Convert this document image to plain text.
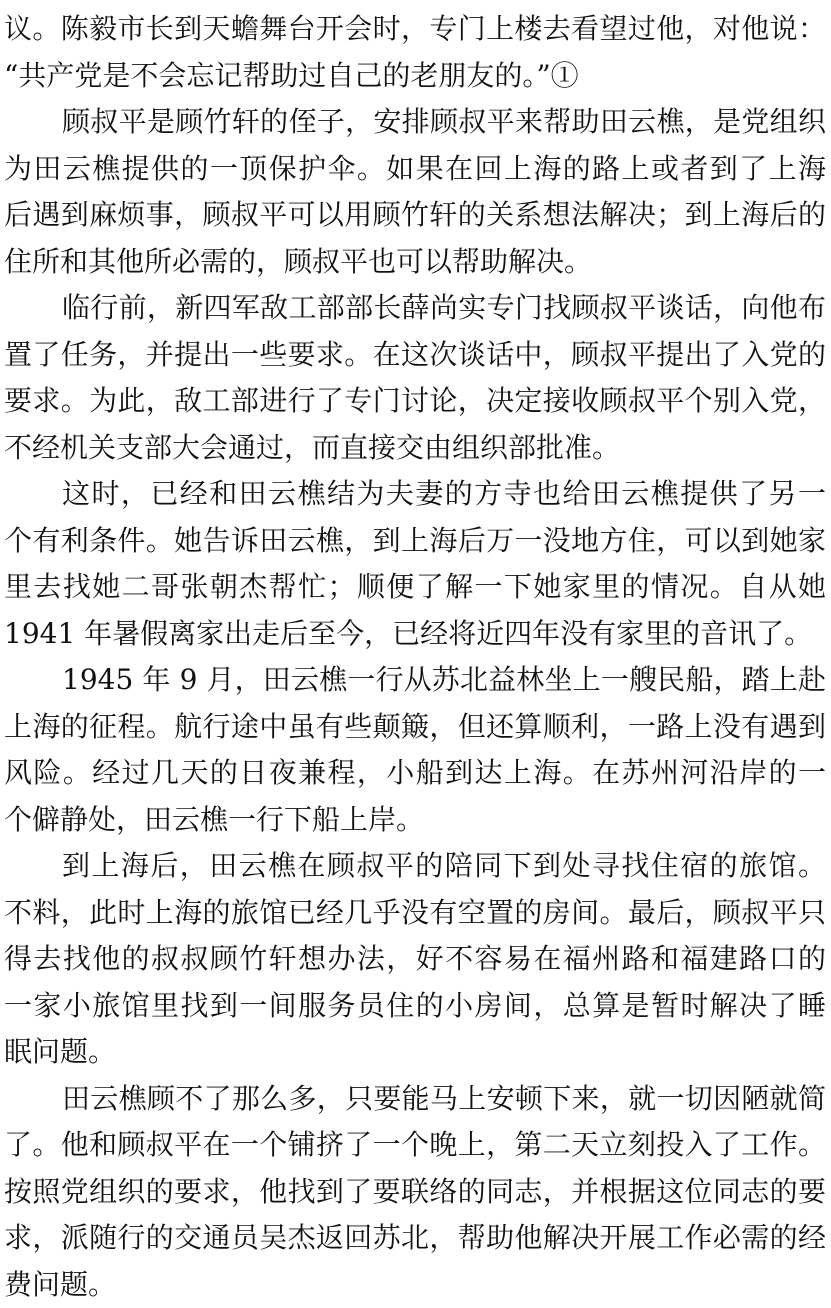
议。陈毅市长到天蟾舞台开会时，专门上楼去看望过他，对他说：
“共产党是不会忘记帮助过自己的老朋友的。”①
顾叔平是顾竹轩的侄子，安排顾叔平来帮助田云樵，是党组织
为田云樵提供的一顶保护伞。如果在回上海的路上或者到了上海
后遇到麻烦事，顾叔平可以用顾竹轩的关系想法解决；到上海后的
住所和其他所必需的，顾叔平也可以帮助解决。
临行前，新四军敌工部部长薛尚实专门找顾叔平谈话，向他布
置了任务，并提出一些要求。在这次谈话中，顾叔平提出了入党的
要求。为此，敌工部进行了专门讨论，决定接收顾叔平个别入党，
不经机关支部大会通过，而直接交由组织部批准。
这时，已经和田云樵结为夫妻的方寺也给田云樵提供了另一
个有利条件。她告诉田云樵，到上海后万一没地方住，可以到她家
里去找她二哥张朝杰帮忙；顺便了解一下她家里的情况。自从她
1941 年暑假离家出走后至今，已经将近四年没有家里的音讯了。
1945 年 9 月，田云樵一行从苏北益林坐上一艘民船，踏上赴
上海的征程。航行途中虽有些颠簸，但还算顺利，一路上没有遇到
风险。经过几天的日夜兼程，小船到达上海。在苏州河沿岸的一
个僻静处，田云樵一行下船上岸。
到上海后，田云樵在顾叔平的陪同下到处寻找住宿的旅馆。
不料，此时上海的旅馆已经几乎没有空置的房间。最后，顾叔平只
得去找他的叔叔顾竹轩想办法，好不容易在福州路和福建路口的
一家小旅馆里找到一间服务员住的小房间，总算是暂时解决了睡
眠问题。
田云樵顾不了那么多，只要能马上安顿下来，就一切因陋就简
了。他和顾叔平在一个铺挤了一个晚上，第二天立刻投入了工作。
按照党组织的要求，他找到了要联络的同志，并根据这位同志的要
求，派随行的交通员吴杰返回苏北，帮助他解决开展工作必需的经
费问题。
